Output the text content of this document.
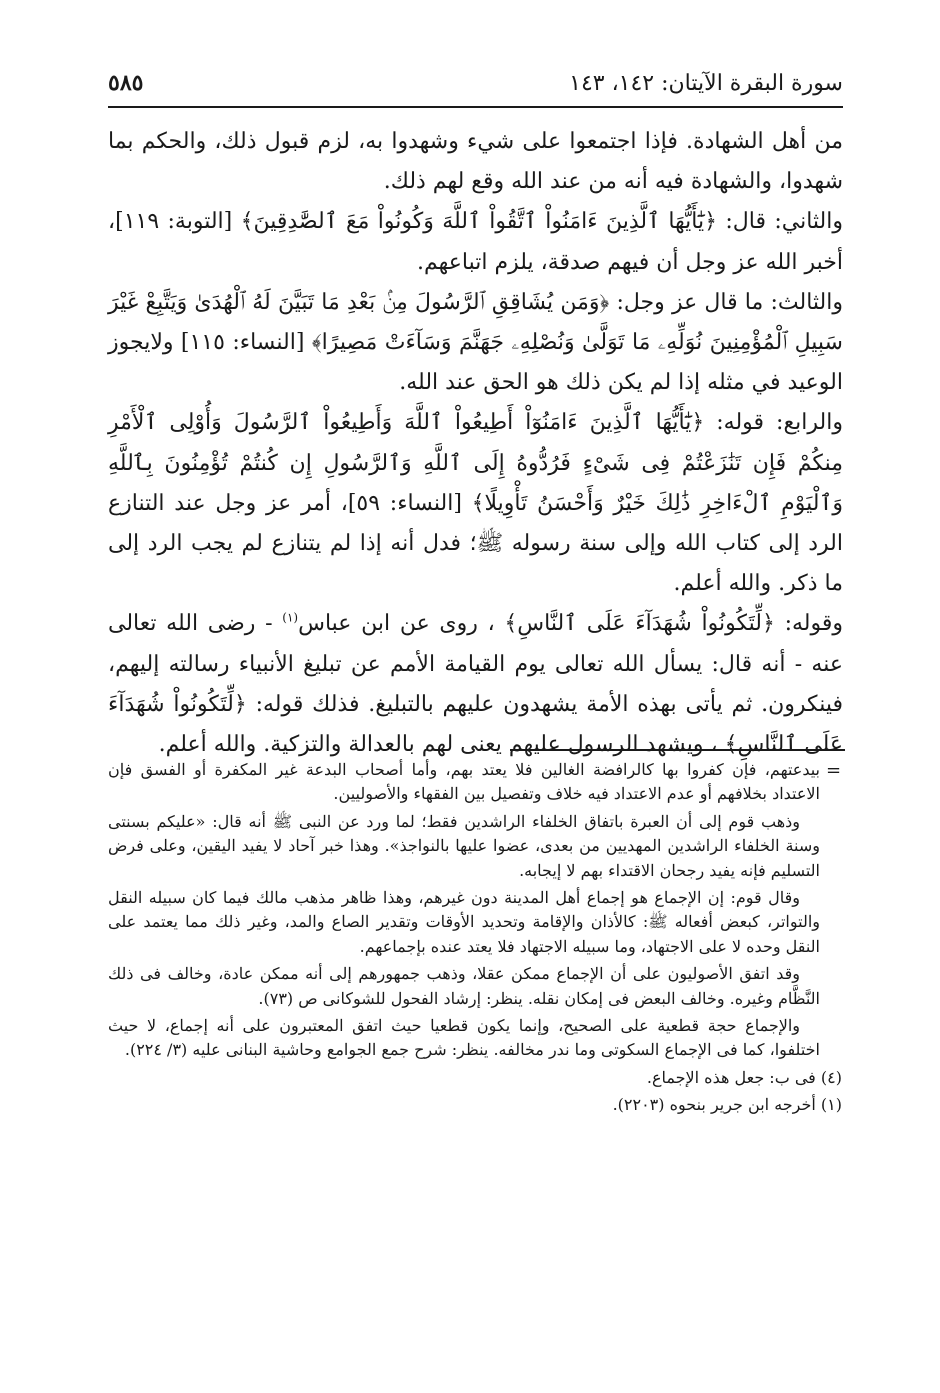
سورة البقرة الآيتان: ١٤٢، ١٤٣
٥٨٥

من أهل الشهادة. فإذا اجتمعوا على شيء وشهدوا به، لزم قبول ذلك، والحكم بما شهدوا، والشهادة فيه أنه من عند الله وقع لهم ذلك.

والثاني: قال: ﴿يَٰٓأَيُّهَا ٱلَّذِينَ ءَامَنُواْ ٱتَّقُواْ ٱللَّهَ وَكُونُواْ مَعَ ٱلصَّٰدِقِينَ﴾ [التوبة: ١١٩]، أخبر الله عز وجل أن فيهم صدقة، يلزم اتباعهم.

والثالث: ما قال عز وجل: ﴿وَمَن يُشَاقِقِ ٱلرَّسُولَ مِنۢ بَعْدِ مَا تَبَيَّنَ لَهُ ٱلْهُدَىٰ وَيَتَّبِعْ غَيْرَ سَبِيلِ ٱلْمُؤْمِنِينَ نُوَلِّهِۦ مَا تَوَلَّىٰ وَنُصْلِهِۦ جَهَنَّمَ وَسَآءَتْ مَصِيرًا﴾ [النساء: ١١٥] ولايجوز الوعيد في مثله إذا لم يكن ذلك هو الحق عند الله.

والرابع: قوله: ﴿يَٰٓأَيُّهَا ٱلَّذِينَ ءَامَنُوٓاْ أَطِيعُواْ ٱللَّهَ وَأَطِيعُواْ ٱلرَّسُولَ وَأُوْلِى ٱلْأَمْرِ مِنكُمْ فَإِن تَنَٰزَعْتُمْ فِى شَىْءٍ فَرُدُّوهُ إِلَى ٱللَّهِ وَٱلرَّسُولِ إِن كُنتُمْ تُؤْمِنُونَ بِٱللَّهِ وَٱلْيَوْمِ ٱلْءَاخِرِ ذَٰلِكَ خَيْرٌ وَأَحْسَنُ تَأْوِيلًا﴾ [النساء: ٥٩]، أمر عز وجل عند التنازع الرد إلى كتاب الله وإلى سنة رسوله ﷺ؛ فدل أنه إذا لم يتنازع لم يجب الرد إلى ما ذكر. والله أعلم.

وقوله: ﴿لِّتَكُونُواْ شُهَدَآءَ عَلَى ٱلنَّاسِ﴾ ، روى عن ابن عباس$^{(١)}$ - رضى الله تعالى عنه - أنه قال: يسأل الله تعالى يوم القيامة الأمم عن تبليغ الأنبياء رسالته إليهم، فينكرون. ثم يأتى بهذه الأمة يشهدون عليهم بالتبليغ. فذلك قوله: ﴿لِّتَكُونُواْ شُهَدَآءَ عَلَى ٱلنَّاسِ﴾ ، ويشهد الرسول عليهم يعنى لهم بالعدالة والتزكية. والله أعلم.

=

بيدعتهم، فإن كفروا بها كالرافضة الغالين فلا يعتد بهم، وأما أصحاب البدعة غير المكفرة أو الفسق فإن الاعتداد بخلافهم أو عدم الاعتداد فيه خلاف وتفصيل بين الفقهاء والأصوليين.

وذهب قوم إلى أن العبرة باتفاق الخلفاء الراشدين فقط؛ لما ورد عن النبى ﷺ أنه قال: «عليكم بسنتى وسنة الخلفاء الراشدين المهديين من بعدى، عضوا عليها بالنواجذ». وهذا خبر آحاد لا يفيد اليقين، وعلى فرض التسليم فإنه يفيد رجحان الاقتداء بهم لا إيجابه.

وقال قوم: إن الإجماع هو إجماع أهل المدينة دون غيرهم، وهذا ظاهر مذهب مالك فيما كان سبيله النقل والتواتر، كبعض أفعاله ﷺ: كالأذان والإقامة وتحديد الأوقات وتقدير الصاع والمد، وغير ذلك مما يعتمد على النقل وحده لا على الاجتهاد، وما سبيله الاجتهاد فلا يعتد عنده بإجماعهم.

وقد اتفق الأصوليون على أن الإجماع ممكن عقلا، وذهب جمهورهم إلى أنه ممكن عادة، وخالف فى ذلك النَّظَّام وغيره. وخالف البعض فى إمكان نقله. ينظر: إرشاد الفحول للشوكانى ص (٧٣).

والإجماع حجة قطعية على الصحيح، وإنما يكون قطعيا حيث اتفق المعتبرون على أنه إجماع، لا حيث اختلفوا، كما فى الإجماع السكوتى وما ندر مخالفه. ينظر: شرح جمع الجوامع وحاشية البنانى عليه (٣/ ٢٢٤).

(٤) فى ب: جعل هذه الإجماع.

(١) أخرجه ابن جرير بنحوه (٢٢٠٣).
